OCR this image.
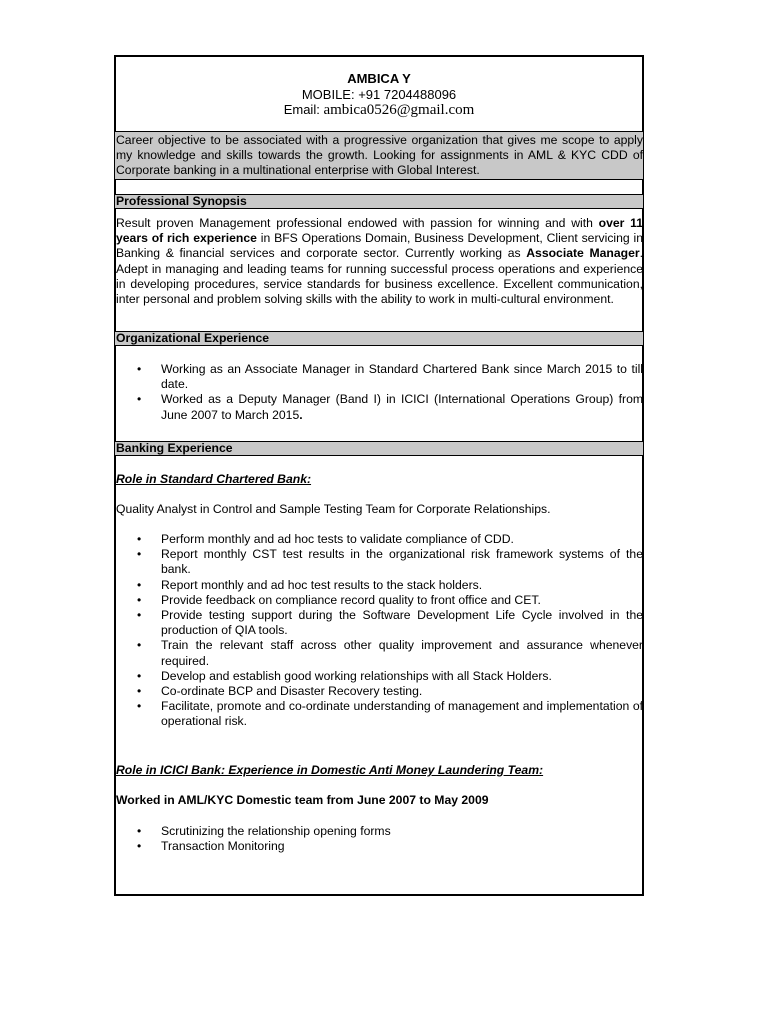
AMBICA Y
MOBILE: +91 7204488096
Email: ambica0526@gmail.com
Career objective to be associated with a progressive organization that gives me scope to apply my knowledge and skills towards the growth. Looking for assignments in AML & KYC CDD of Corporate banking in a multinational enterprise with Global Interest.
Professional Synopsis
Result proven Management professional endowed with passion for winning and with over 11 years of rich experience in BFS Operations Domain, Business Development, Client servicing in Banking & financial services and corporate sector. Currently working as Associate Manager. Adept in managing and leading teams for running successful process operations and experience in developing procedures, service standards for business excellence. Excellent communication, inter personal and problem solving skills with the ability to work in multi-cultural environment.
Organizational Experience
• Working as an Associate Manager in Standard Chartered Bank since March 2015 to till date.
• Worked as a Deputy Manager (Band I) in ICICI (International Operations Group) from June 2007 to March 2015.
Banking Experience
Role in Standard Chartered Bank:
Quality Analyst in Control and Sample Testing Team for Corporate Relationships.
• Perform monthly and ad hoc tests to validate compliance of CDD.
• Report monthly CST test results in the organizational risk framework systems of the bank.
• Report monthly and ad hoc test results to the stack holders.
• Provide feedback on compliance record quality to front office and CET.
• Provide testing support during the Software Development Life Cycle involved in the production of QIA tools.
• Train the relevant staff across other quality improvement and assurance whenever required.
• Develop and establish good working relationships with all Stack Holders.
• Co-ordinate BCP and Disaster Recovery testing.
• Facilitate, promote and co-ordinate understanding of management and implementation of operational risk.
Role in ICICI Bank: Experience in Domestic Anti Money Laundering Team:
Worked in AML/KYC Domestic team from June 2007 to May 2009
• Scrutinizing the relationship opening forms
• Transaction Monitoring
